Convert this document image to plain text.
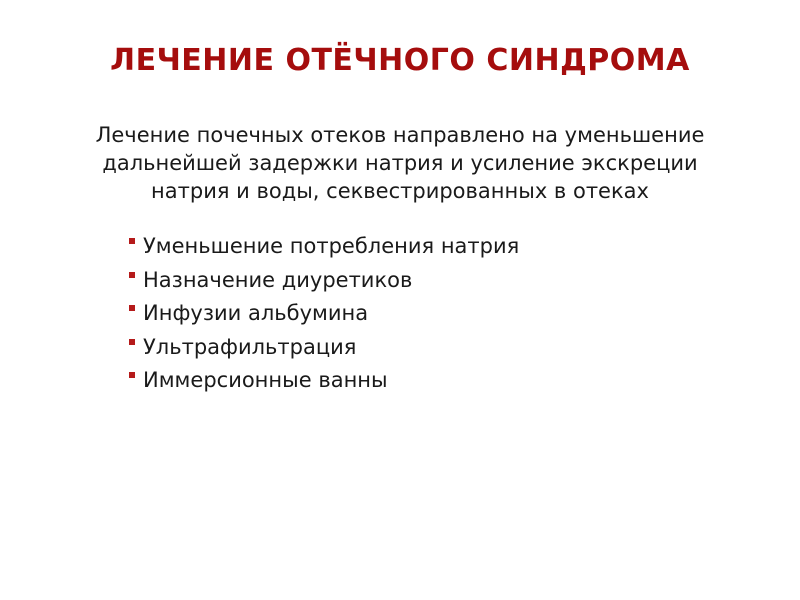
ЛЕЧЕНИЕ ОТЁЧНОГО СИНДРОМА

Лечение почечных отеков направлено на уменьшение
дальнейшей задержки натрия и усиление экскреции
натрия и воды, секвестрированных в отеках

Уменьшение потребления натрия
Назначение диуретиков
Инфузии альбумина
Ультрафильтрация
Иммерсионные ванны
